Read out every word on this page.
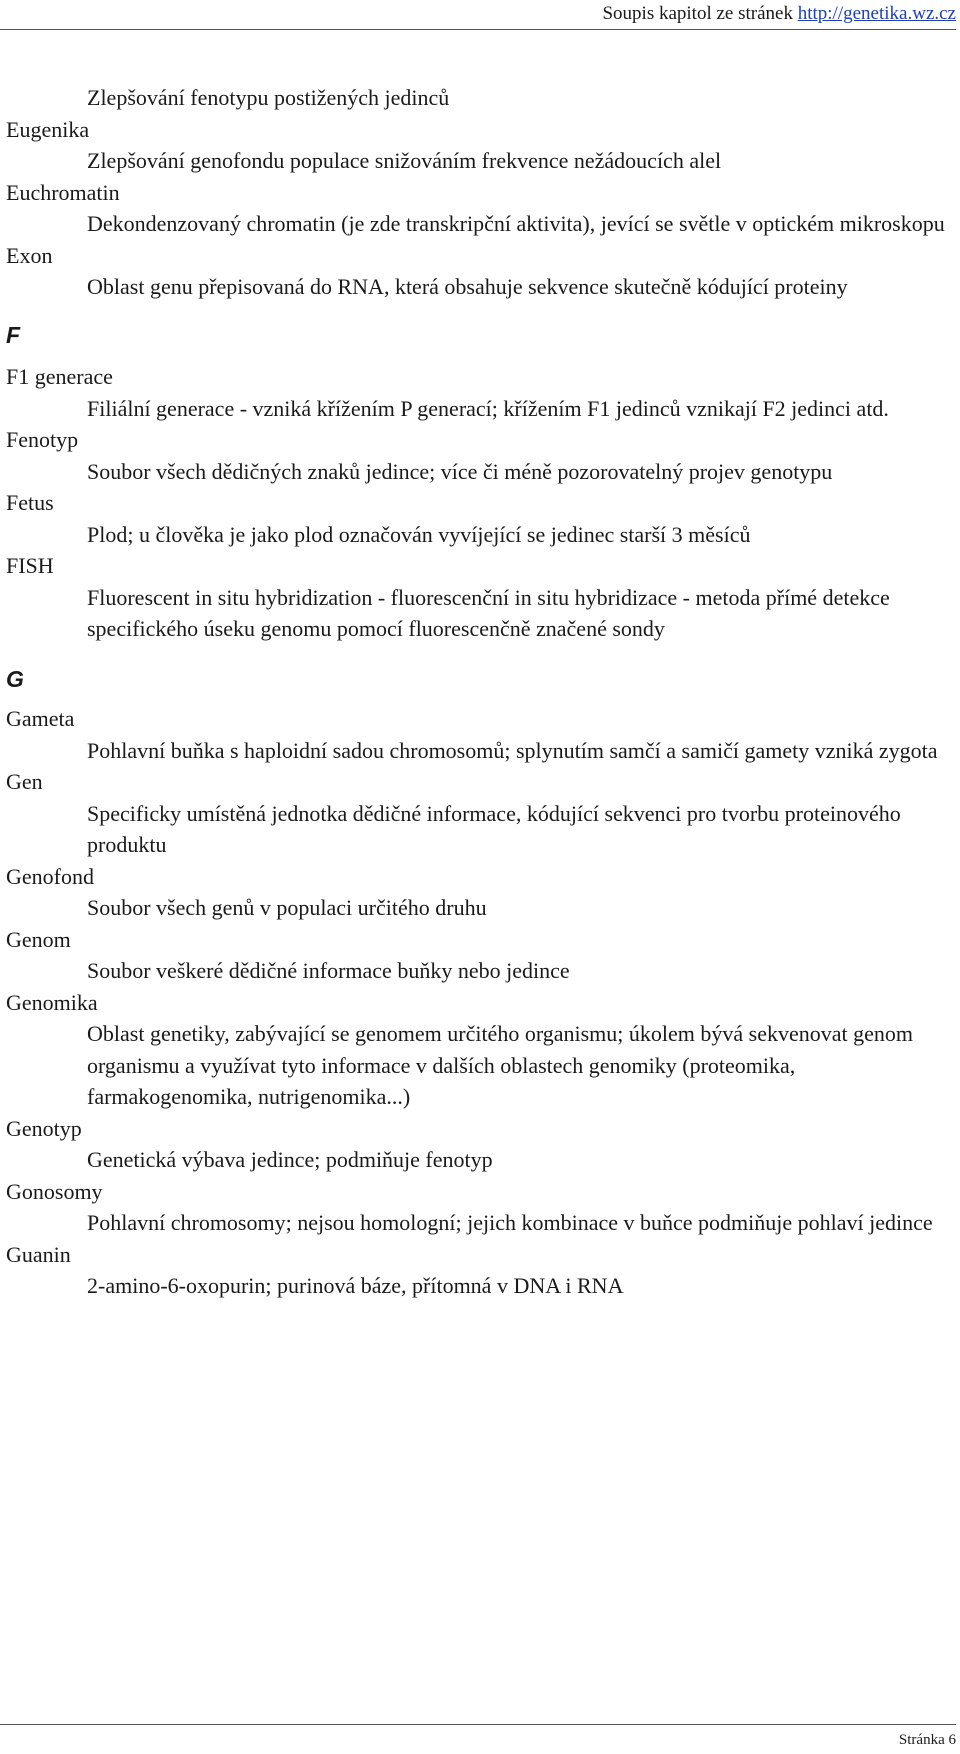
Soupis kapitol ze stránek http://genetika.wz.cz

Zlepšování fenotypu postižených jedinců

Eugenika

Zlepšování genofondu populace snižováním frekvence nežádoucích alel

Euchromatin

Dekondenzovaný chromatin (je zde transkripční aktivita), jevící se světle v optickém mikroskopu

Exon

Oblast genu přepisovaná do RNA, která obsahuje sekvence skutečně kódující proteiny

F

F1 generace

Filiální generace - vzniká křížením P generací; křížením F1 jedinců vznikají F2 jedinci atd.

Fenotyp

Soubor všech dědičných znaků jedince; více či méně pozorovatelný projev genotypu

Fetus

Plod; u člověka je jako plod označován vyvíjející se jedinec starší 3 měsíců

FISH

Fluorescent in situ hybridization - fluorescenční in situ hybridizace - metoda přímé detekce specifického úseku genomu pomocí fluorescenčně značené sondy

G

Gameta

Pohlavní buňka s haploidní sadou chromosomů; splynutím samčí a samičí gamety vzniká zygota

Gen

Specificky umístěná jednotka dědičné informace, kódující sekvenci pro tvorbu proteinového produktu

Genofond

Soubor všech genů v populaci určitého druhu

Genom

Soubor veškeré dědičné informace buňky nebo jedince

Genomika

Oblast genetiky, zabývající se genomem určitého organismu; úkolem bývá sekvenovat genom organismu a využívat tyto informace v dalších oblastech genomiky (proteomika, farmakogenomika, nutrigenomika...)

Genotyp

Genetická výbava jedince; podmiňuje fenotyp

Gonosomy

Pohlavní chromosomy; nejsou homologní; jejich kombinace v buňce podmiňuje pohlaví jedince

Guanin

2-amino-6-oxopurin; purinová báze, přítomná v DNA i RNA

Stránka 6
